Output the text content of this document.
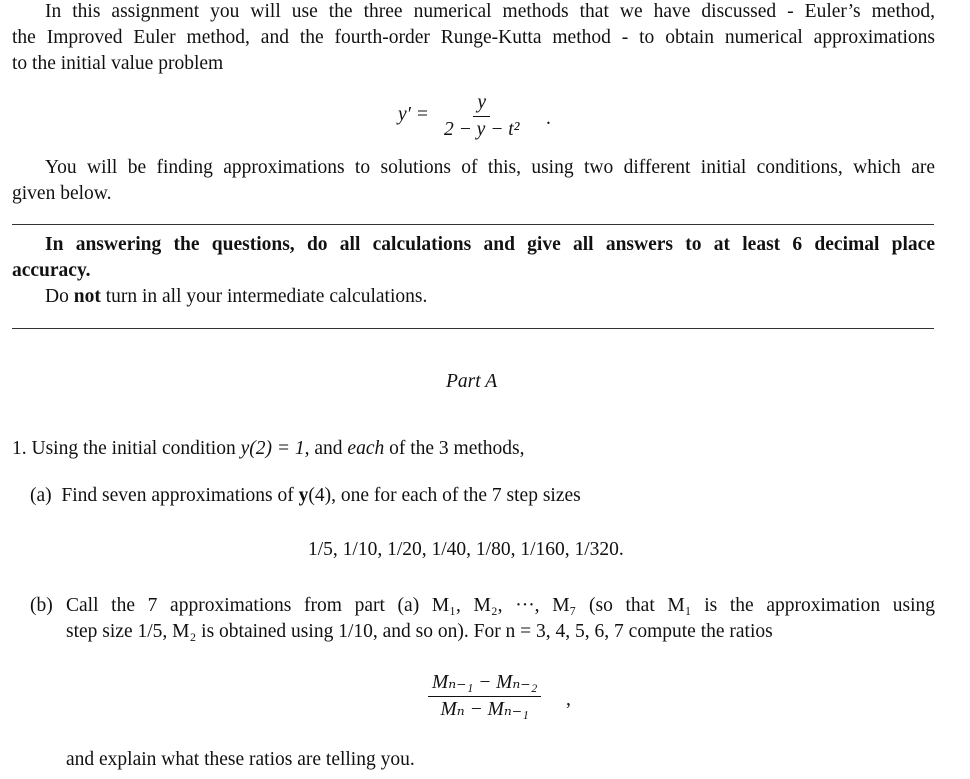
In this assignment you will use the three numerical methods that we have discussed - Euler’s method,
the Improved Euler method, and the fourth-order Runge-Kutta method - to obtain numerical approximations
to the initial value problem
$y' = \frac{y}{\text{2 − y − t²}}$ .
You will be finding approximations to solutions of this, using two different initial conditions, which are
given below.
In answering the questions, do all calculations and give all answers to at least 6 decimal place
accuracy.
Do not turn in all your intermediate calculations.
Part A
1. Using the initial condition y(2) = 1, and each of the 3 methods,
(a) Find seven approximations of y(4), one for each of the 7 step sizes
1/5, 1/10, 1/20, 1/40, 1/80, 1/160, 1/320.
(b) Call the 7 approximations from part (a) M₁, M₂, ···, M₇ (so that M₁ is the approximation using
step size 1/5, M₂ is obtained using 1/10, and so on). For n = 3, 4, 5, 6, 7 compute the ratios
$\frac{\text{Mₙ₋₁ − Mₙ₋₂}}{\text{Mₙ − Mₙ₋₁}}$ ,
and explain what these ratios are telling you.
